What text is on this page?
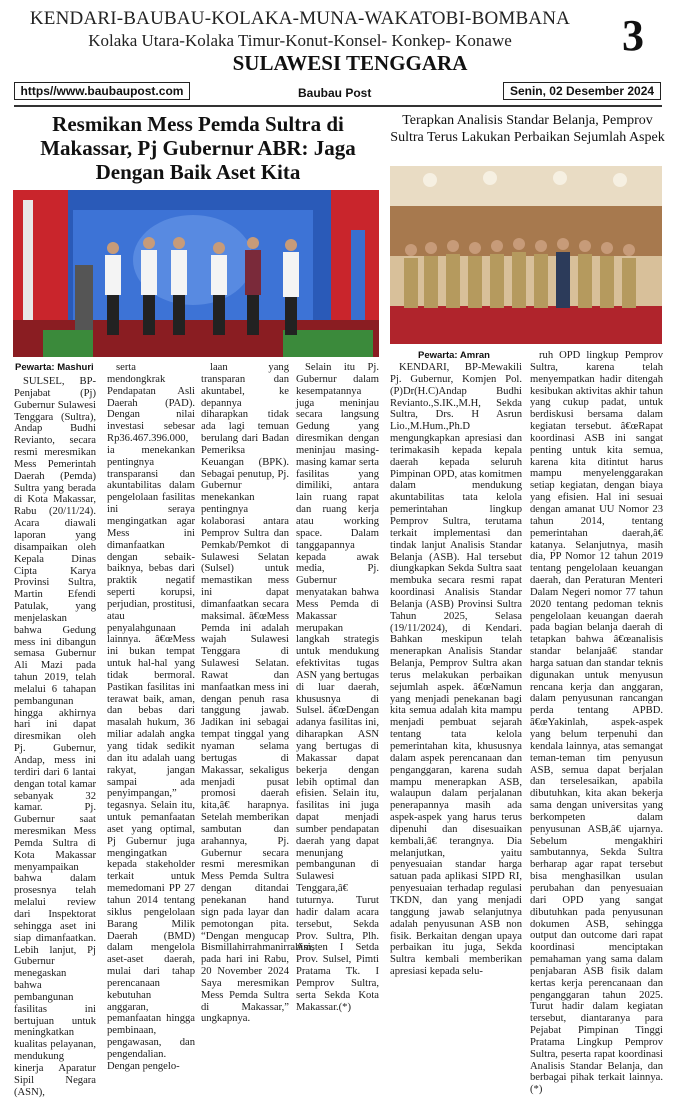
KENDARI-BAUBAU-KOLAKA-MUNA-WAKATOBI-BOMBANA
Kolaka Utara-Kolaka Timur-Konut-Konsel- Konkep- Konawe
SULAWESI TENGGARA
3
https//www.baubaupost.com	Baubau Post	Senin, 02 Desember 2024
Resmikan Mess Pemda Sultra di Makassar, Pj Gubernur ABR: Jaga Dengan Baik Aset Kita
Terapkan Analisis Standar Belanja, Pemprov Sultra Terus Lakukan Perbaikan Sejumlah Aspek
Pewarta: Mashuri
Pewarta: Amran

SULSEL, BP-Penjabat (Pj) Gubernur Sulawesi Tenggara (Sultra), Andap Budhi Revianto, secara resmi meresmikan Mess Pemerintah Daerah (Pemda) Sultra yang berada di Kota Makassar, Rabu (20/11/24). Acara diawali laporan yang disampaikan oleh Kepala Dinas Cipta Karya Provinsi Sultra, Martin Efendi Patulak, yang menjelaskan bahwa Gedung mess ini dibangun semasa Gubernur Ali Mazi pada tahun 2019, telah melalui 6 tahapan pembangunan hingga akhirnya hari ini dapat diresmikan oleh Pj. Gubernur, Andap, mess ini terdiri dari 6 lantai dengan total kamar sebanyak 32 kamar. Pj. Gubernur saat meresmikan Mess Pemda Sultra di Kota Makassar menyampaikan bahwa dalam prosesnya telah melalui review dari Inspektorat sehingga aset ini siap dimanfaatkan. Lebih lanjut, Pj Gubernur menegaskan bahwa pembangunan fasilitas ini bertujuan untuk meningkatkan kualitas pelayanan, mendukung kinerja Aparatur Sipil Negara (ASN),

serta mendongkrak Pendapatan Asli Daerah (PAD). Dengan nilai investasi sebesar Rp36.467.396.000, ia menekankan pentingnya transparansi dan akuntabilitas dalam pengelolaan fasilitas ini seraya mengingatkan agar Mess ini dimanfaatkan dengan sebaik-baiknya, bebas dari praktik negatif seperti korupsi, perjudian, prostitusi, atau penyalahgunaan lainnya. â€œMess ini bukan tempat untuk hal-hal yang tidak bermoral. Pastikan fasilitas ini terawat baik, aman, dan bebas dari masalah hukum, 36 miliar adalah angka yang tidak sedikit dan itu adalah uang rakyat, jangan sampai ada penyimpangan,” tegasnya. Selain itu, untuk pemanfaatan aset yang optimal, Pj Gubernur juga mengingatkan kepada stakeholder terkait untuk memedomani PP 27 tahun 2014 tentang siklus pengelolaan Barang Milik Daerah (BMD) dalam mengelola aset-aset daerah, mulai dari tahap perencanaan kebutuhan anggaran, pemanfaatan hingga pembinaan, pengawasan, dan pengendalian. Dengan pengelo-

laan yang transparan dan akuntabel, ke depannya diharapkan tidak ada lagi temuan berulang dari Badan Pemeriksa Keuangan (BPK). Sebagai penutup, Pj. Gubernur menekankan pentingnya kolaborasi antara Pemprov Sultra dan Pemkab/Pemkot di Sulawesi Selatan (Sulsel) untuk memastikan mess ini dapat dimanfaatkan secara maksimal. â€œMess Pemda ini adalah wajah Sulawesi Tenggara di Sulawesi Selatan. Rawat dan manfaatkan mess ini dengan penuh rasa tanggung jawab. Jadikan ini sebagai tempat tinggal yang nyaman selama bertugas di Makassar, sekaligus menjadi pusat promosi daerah kita,â€ harapnya. Setelah memberikan sambutan dan arahannya, Pj. Gubernur secara resmi meresmikan Mess Pemda Sultra dengan ditandai penekanan hand sign pada layar dan pemotongan pita. “Dengan mengucap Bismillahirrahmanirrahim, pada hari ini Rabu, 20 November 2024 Saya meresmikan Mess Pemda Sultra di Makassar,” ungkapnya.

Selain itu Pj. Gubernur dalam kesempatannya juga meninjau secara langsung Gedung yang diresmikan dengan meninjau masing-masing kamar serta fasilitas yang dimiliki, antara lain ruang rapat dan ruang kerja atau working space. Dalam tanggapannya kepada awak media, Pj. Gubernur menyatakan bahwa Mess Pemda di Makassar merupakan langkah strategis untuk mendukung efektivitas tugas ASN yang bertugas di luar daerah, khususnya di Sulsel. â€œDengan adanya fasilitas ini, diharapkan ASN yang bertugas di Makassar dapat bekerja dengan lebih optimal dan efisien. Selain itu, fasilitas ini juga dapat menjadi sumber pendapatan daerah yang dapat menunjang pembangunan di Sulawesi Tenggara,â€ tuturnya. Turut hadir dalam acara tersebut, Sekda Prov. Sultra, Plh. Asisten I Setda Prov. Sulsel, Pimti Pratama Tk. I Pemprov Sultra, serta Sekda Kota Makassar.(*)

KENDARI, BP-Mewakili Pj. Gubernur, Komjen Pol.(P)Dr(H.C)Andap Budhi Revianto.,S.IK.,M.H, Sekda Sultra, Drs. H Asrun Lio.,M.Hum.,Ph.D mengungkapkan apresiasi dan terimakasih kepada kepala daerah kepada seluruh Pimpinan OPD, atas komitmen dalam mendukung akuntabilitas tata kelola pemerintahan lingkup Pemprov Sultra, terutama terkait implementasi dan tindak lanjut Analisis Standar Belanja (ASB). Hal tersebut diungkapkan Sekda Sultra saat membuka secara resmi rapat koordinasi Analisis Standar Belanja (ASB) Provinsi Sultra Tahun 2025, Selasa (19/11/2024), di Kendari. Bahkan meskipun telah menerapkan Analisis Standar Belanja, Pemprov Sultra akan terus melakukan perbaikan sejumlah aspek. â€œNamun yang menjadi penekanan bagi kita semua adalah kita mampu menjadi pembuat sejarah tentang tata kelola pemerintahan kita, khususnya dalam aspek perencanaan dan penganggaran, karena sudah mampu menerapkan ASB, walaupun dalam perjalanan penerapannya masih ada aspek-aspek yang harus terus dipenuhi dan disesuaikan kembali,â€ terangnya. Dia melanjutkan, yaitu penyesuaian standar harga satuan pada aplikasi SIPD RI, penyesuaian terhadap regulasi TKDN, dan yang menjadi tanggung jawab selanjutnya adalah penyusunan ASB non fisik. Berkaitan dengan upaya perbaikan itu juga, Sekda Sultra kembali memberikan apresiasi kepada selu-

ruh OPD lingkup Pemprov Sultra, karena telah menyempatkan hadir ditengah kesibukan aktivitas akhir tahun yang cukup padat, untuk berdiskusi bersama dalam kegiatan tersebut. â€œRapat koordinasi ASB ini sangat penting untuk kita semua, karena kita ditintut harus mampu menyelenggarakan setiap kegiatan, dengan biaya yang efisien. Hal ini sesuai dengan amanat UU Nomor 23 tahun 2014, tentang pemerintahan daerah,â€ katanya. Selanjutnya, masih dia, PP Nomor 12 tahun 2019 tentang pengelolaan keuangan daerah, dan Peraturan Menteri Dalam Negeri nomor 77 tahun 2020 tentang pedoman teknis pengelolaan keuangan daerah pada bagian belanja daerah di tetapkan bahwa â€œanalisis standar belanjaâ€ standar harga satuan dan standar teknis digunakan untuk menyusun rencana kerja dan anggaran, dalam penyusunan rancangan perda tentang APBD. â€œYakinlah, aspek-aspek yang belum terpenuhi dan kendala lainnya, atas semangat teman-teman tim penyusun ASB, semua dapat berjalan dan terselesaikan, apabila dibutuhkan, kita akan bekerja sama dengan universitas yang berkompeten dalam penyusunan ASB,â€ ujarnya. Sebelum mengakhiri sambutannya, Sekda Sultra berharap agar rapat tersebut bisa menghasilkan usulan perubahan dan penyesuaian dari OPD yang sangat dibutuhkan pada penyusunan dokumen ASB, sehingga output dan outcome dari rapat koordinasi menciptakan pemahaman yang sama dalam penjabaran ASB fisik dalam kertas kerja perencanaan dan penganggaran tahun 2025. Turut hadir dalam kegiatan tersebut, diantaranya para Pejabat Pimpinan Tinggi Pratama Lingkup Pemprov Sultra, peserta rapat koordinasi Analisis Standar Belanja, dan berbagai pihak terkait lainnya.(*)
